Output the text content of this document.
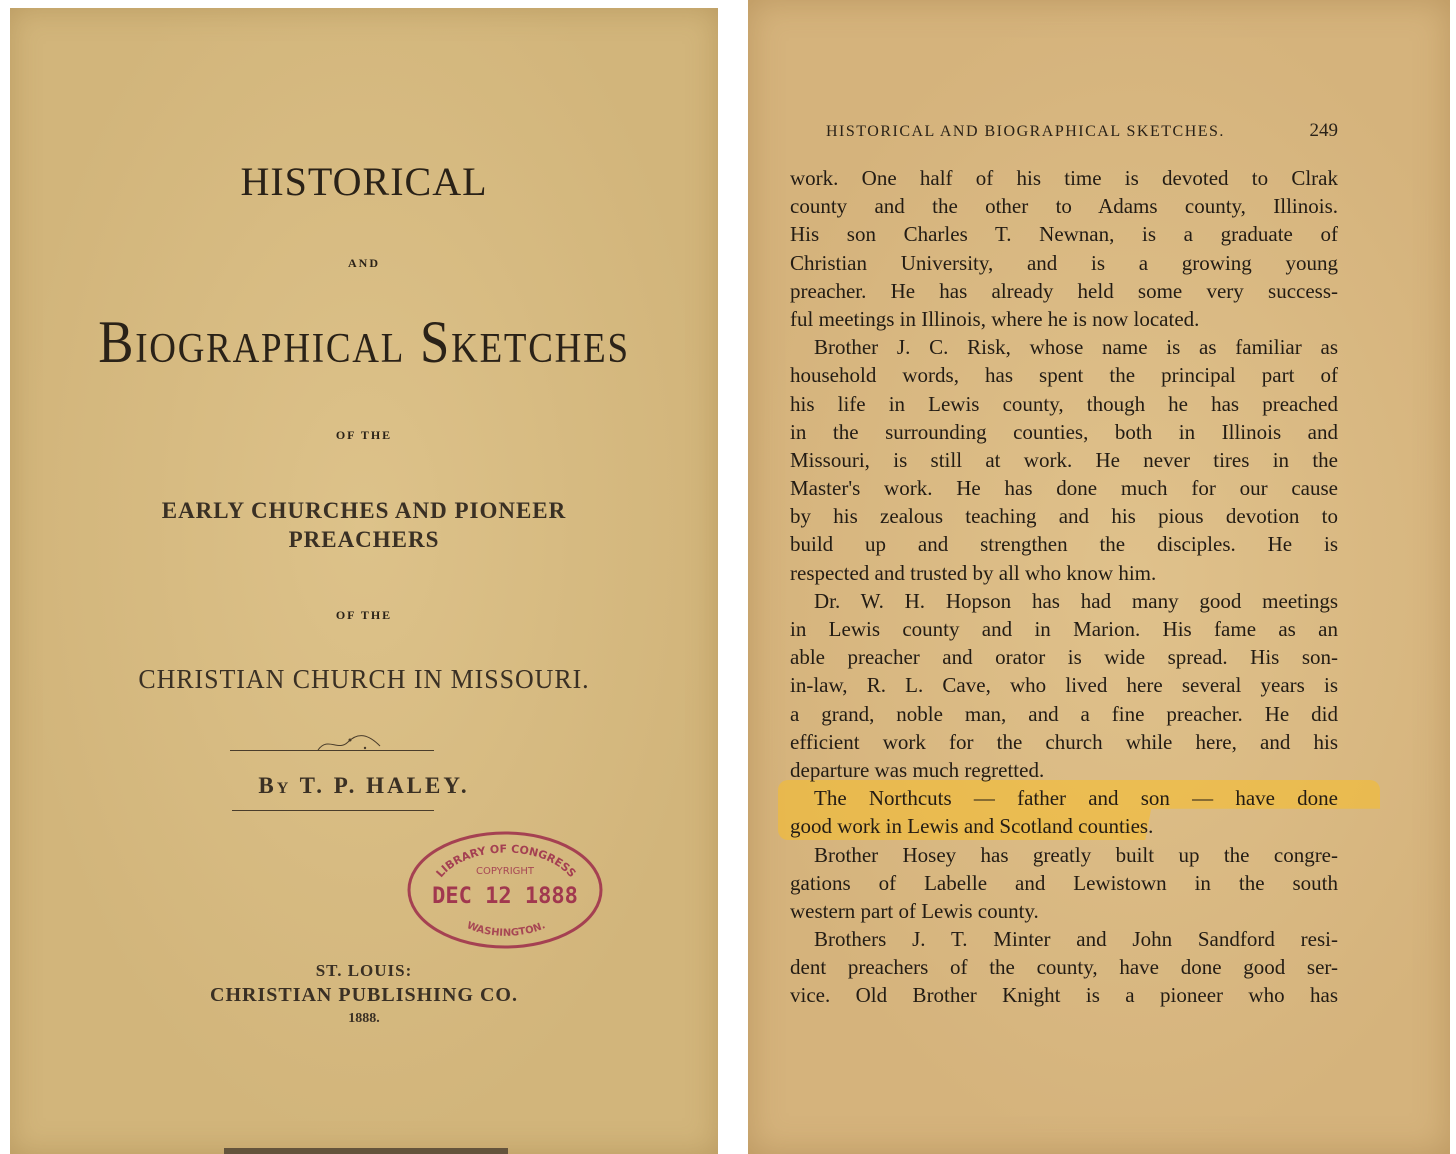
HISTORICAL
AND
Biographical Sketches
OF THE
EARLY CHURCHES AND PIONEER
PREACHERS
OF THE
CHRISTIAN CHURCH IN MISSOURI.
By T. P. HALEY.
LIBRARY OF CONGRESS
COPYRIGHT
DEC 12 1888
WASHINGTON.
ST. LOUIS:
CHRISTIAN PUBLISHING CO.
1888.
HISTORICAL AND BIOGRAPHICAL SKETCHES.	249
work. One half of his time is devoted to Clrak
county and the other to Adams county, Illinois.
His son Charles T. Newnan, is a graduate of
Christian University, and is a growing young
preacher. He has already held some very success-
ful meetings in Illinois, where he is now located.
Brother J. C. Risk, whose name is as familiar as
household words, has spent the principal part of
his life in Lewis county, though he has preached
in the surrounding counties, both in Illinois and
Missouri, is still at work. He never tires in the
Master's work. He has done much for our cause
by his zealous teaching and his pious devotion to
build up and strengthen the disciples. He is
respected and trusted by all who know him.
Dr. W. H. Hopson has had many good meetings
in Lewis county and in Marion. His fame as an
able preacher and orator is wide spread. His son-
in-law, R. L. Cave, who lived here several years is
a grand, noble man, and a fine preacher. He did
efficient work for the church while here, and his
departure was much regretted.
The Northcuts — father and son — have done
good work in Lewis and Scotland counties.
Brother Hosey has greatly built up the congre-
gations of Labelle and Lewistown in the south
western part of Lewis county.
Brothers J. T. Minter and John Sandford resi-
dent preachers of the county, have done good ser-
vice. Old Brother Knight is a pioneer who has
